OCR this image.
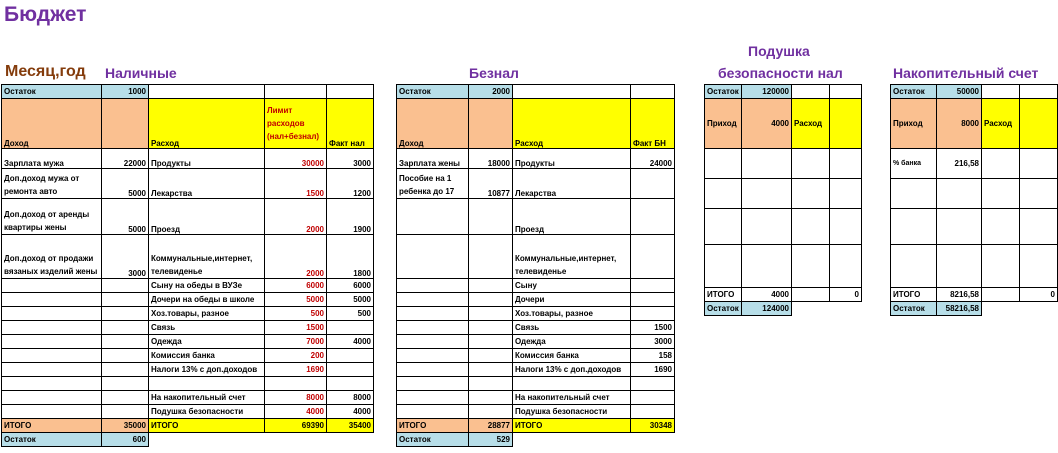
Бюджет
Месяц,год Наличные	Безнал
Подушка
безопасности нал	Накопительный счет
Остаток	1000			
Доход		Расход	Лимит расходов (нал+безнал)	Факт нал
Зарплата мужа	22000	Продукты	30000	3000
Доп.доход мужа от ремонта авто	5000	Лекарства	1500	1200
Доп.доход от аренды квартиры жены	5000	Проезд	2000	1900
Доп.доход от продажи вязаных изделий жены	3000	Коммунальные,интернет, телевиденье	2000	1800
		Сыну на обеды в ВУЗе	6000	6000
		Дочери на обеды в школе	5000	5000
		Хоз.товары, разное	500	500
		Связь	1500	
		Одежда	7000	4000
		Комиссия банка	200	
		Налоги 13% с доп.доходов	1690	

		На накопительный счет	8000	8000
		Подушка безопасности	4000	4000
ИТОГО	35000	ИТОГО	69390	35400
Остаток	600			
Остаток	2000		
Доход		Расход	Факт БН
Зарплата жены	18000	Продукты	24000
Пособие на 1 ребенка до 17	10877	Лекарства	
		Проезд	
		Коммунальные,интернет, телевиденье	
		Сыну	
		Дочери	
		Хоз.товары, разное	
		Связь	1500
		Одежда	3000
		Комиссия банка	158
		Налоги 13% с доп.доходов	1690

		На накопительный счет	
		Подушка безопасности	
ИТОГО	28877	ИТОГО	30348
Остаток	529		
Остаток	120000		
Приход	4000	Расход	

ИТОГО	4000		0
Остаток	124000		
Остаток	50000		
Приход	8000	Расход	
% банка	216,58		

ИТОГО	8216,58		0
Остаток	58216,58		
